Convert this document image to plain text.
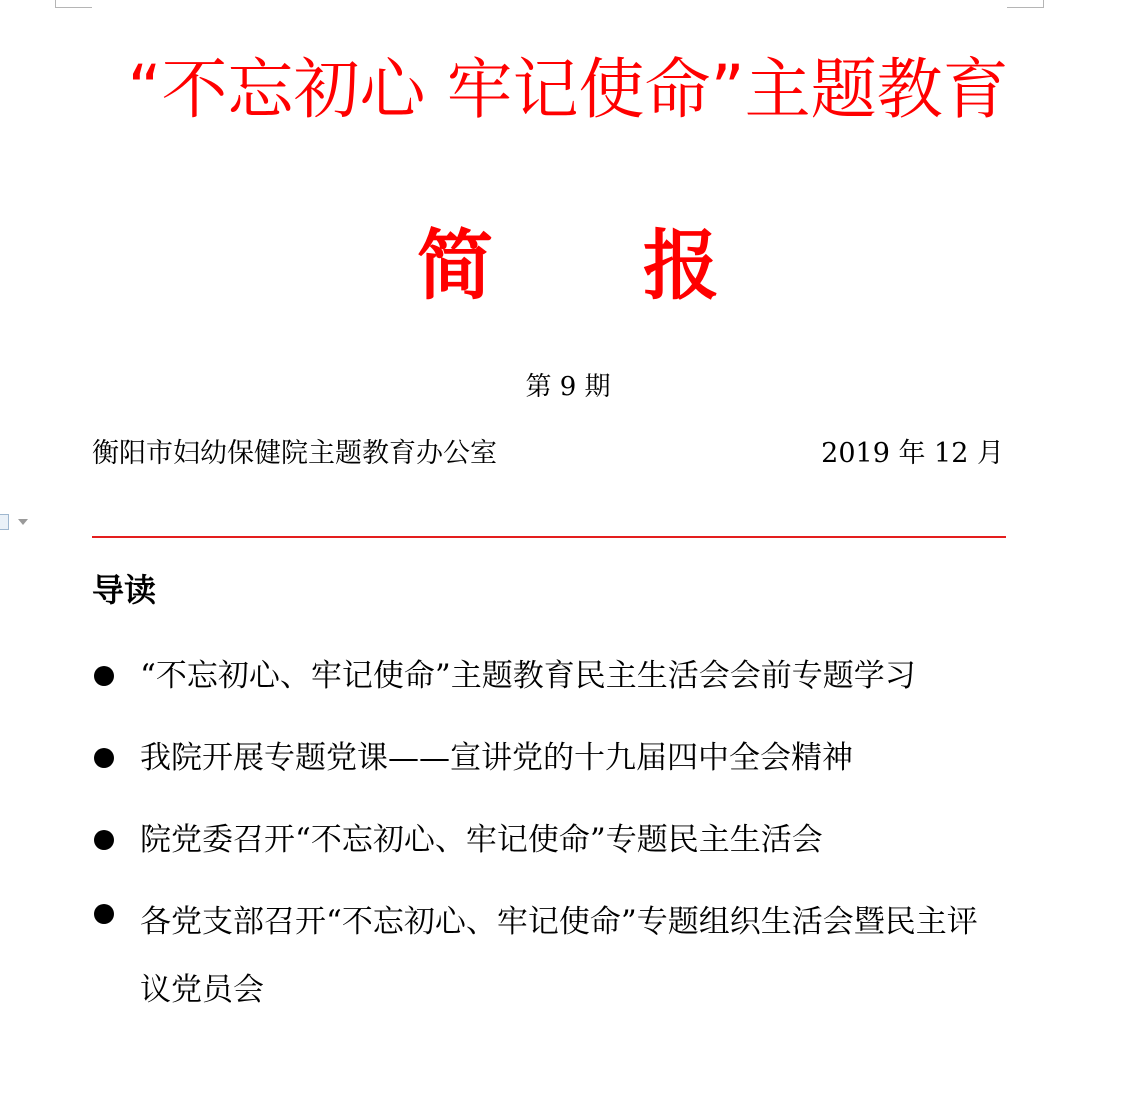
“不忘初心 牢记使命”主题教育
简报
第 9 期
衡阳市妇幼保健院主题教育办公室	2019 年 12 月
导读
“不忘初心、牢记使命”主题教育民主生活会会前专题学习
我院开展专题党课——宣讲党的十九届四中全会精神
院党委召开“不忘初心、牢记使命”专题民主生活会
各党支部召开“不忘初心、牢记使命”专题组织生活会暨民主评议党员会
